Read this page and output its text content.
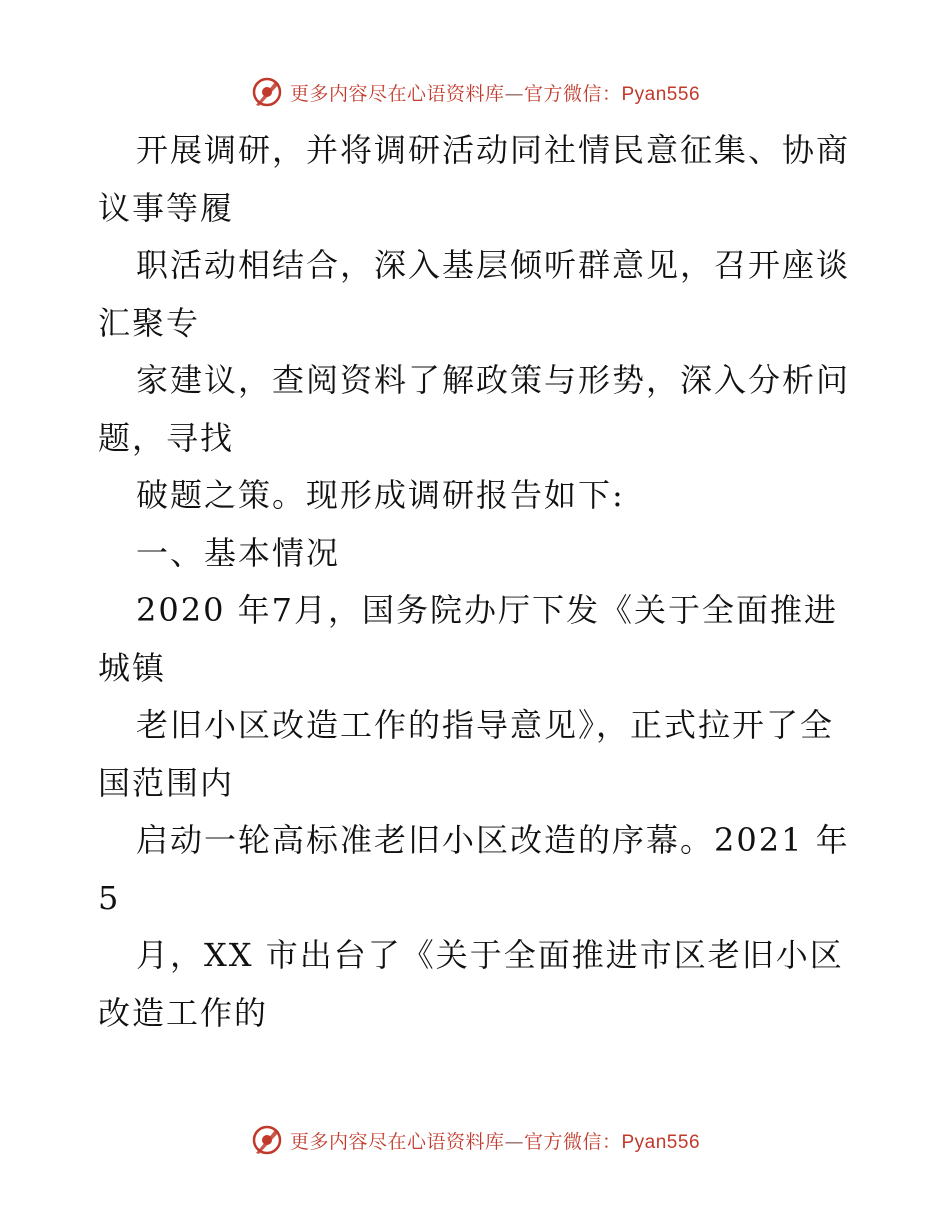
更多内容尽在心语资料库—官方微信：Pyan556
开展调研，并将调研活动同社情民意征集、协商
议事等履
职活动相结合，深入基层倾听群意见，召开座谈
汇聚专
家建议，查阅资料了解政策与形势，深入分析问
题，寻找
破题之策。现形成调研报告如下:
一、基本情况
2020 年7月，国务院办厅下发《关于全面推进
城镇
老旧小区改造工作的指导意见》，正式拉开了全
国范围内
启动一轮高标准老旧小区改造的序幕。2021 年
5
月，XX 市出台了《关于全面推进市区老旧小区
改造工作的
更多内容尽在心语资料库—官方微信：Pyan556
